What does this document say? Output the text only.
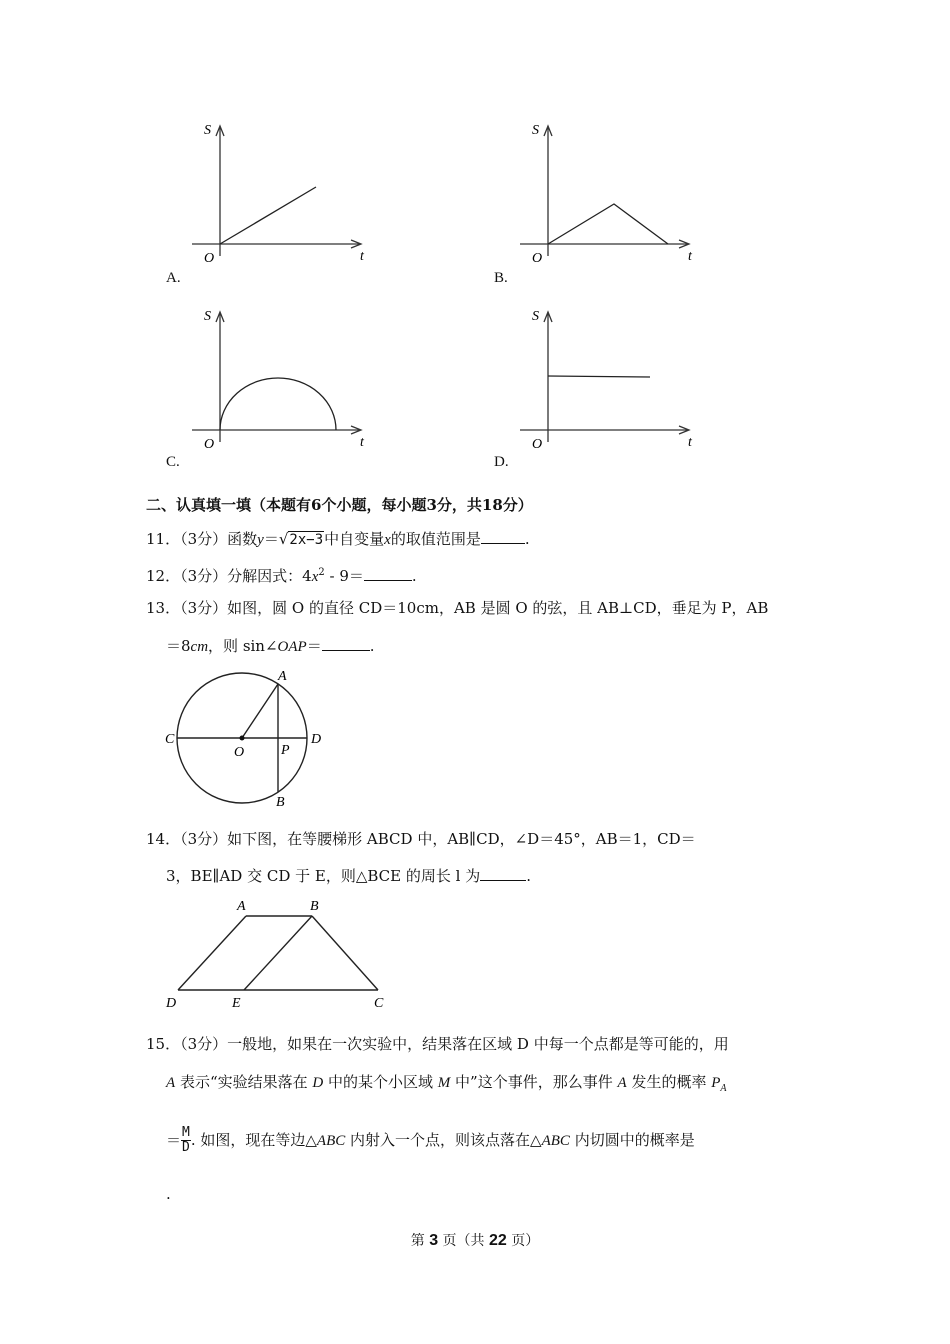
S
t
O
A.
S
t
O
B.
S
t
O
C.
S
t
O
D.
二、认真填一填（本题有6个小题，每小题3分，共18分）
11．（3分）函数y＝√2x−3中自变量x的取值范围是	.
12．（3分）分解因式：$4x^2 - 9=$	.
13．（3分）如图，圆 O 的直径 CD＝10cm，AB 是圆 O 的弦，且 AB⊥CD，垂足为 P，AB
＝8cm，则 sin∠OAP＝	.
A
B
C	D
O	P
14．（3分）如下图，在等腰梯形 ABCD 中，AB∥CD，∠D＝45°，AB＝1，CD＝
3，BE∥AD 交 CD 于 E，则△BCE 的周长 l 为	.
A	B
C
D	E
15．（3分）一般地，如果在一次实验中，结果落在区域 D 中每一个点都是等可能的，用
A 表示“实验结果落在 D 中的某个小区域 M 中”这个事件，那么事件 A 发生的概率 $P_A$
＝ $\frac{M}{D}$ . 如图，现在等边△ABC 内射入一个点，则该点落在△ABC 内切圆中的概率是
.
第 3 页（共 22 页）
